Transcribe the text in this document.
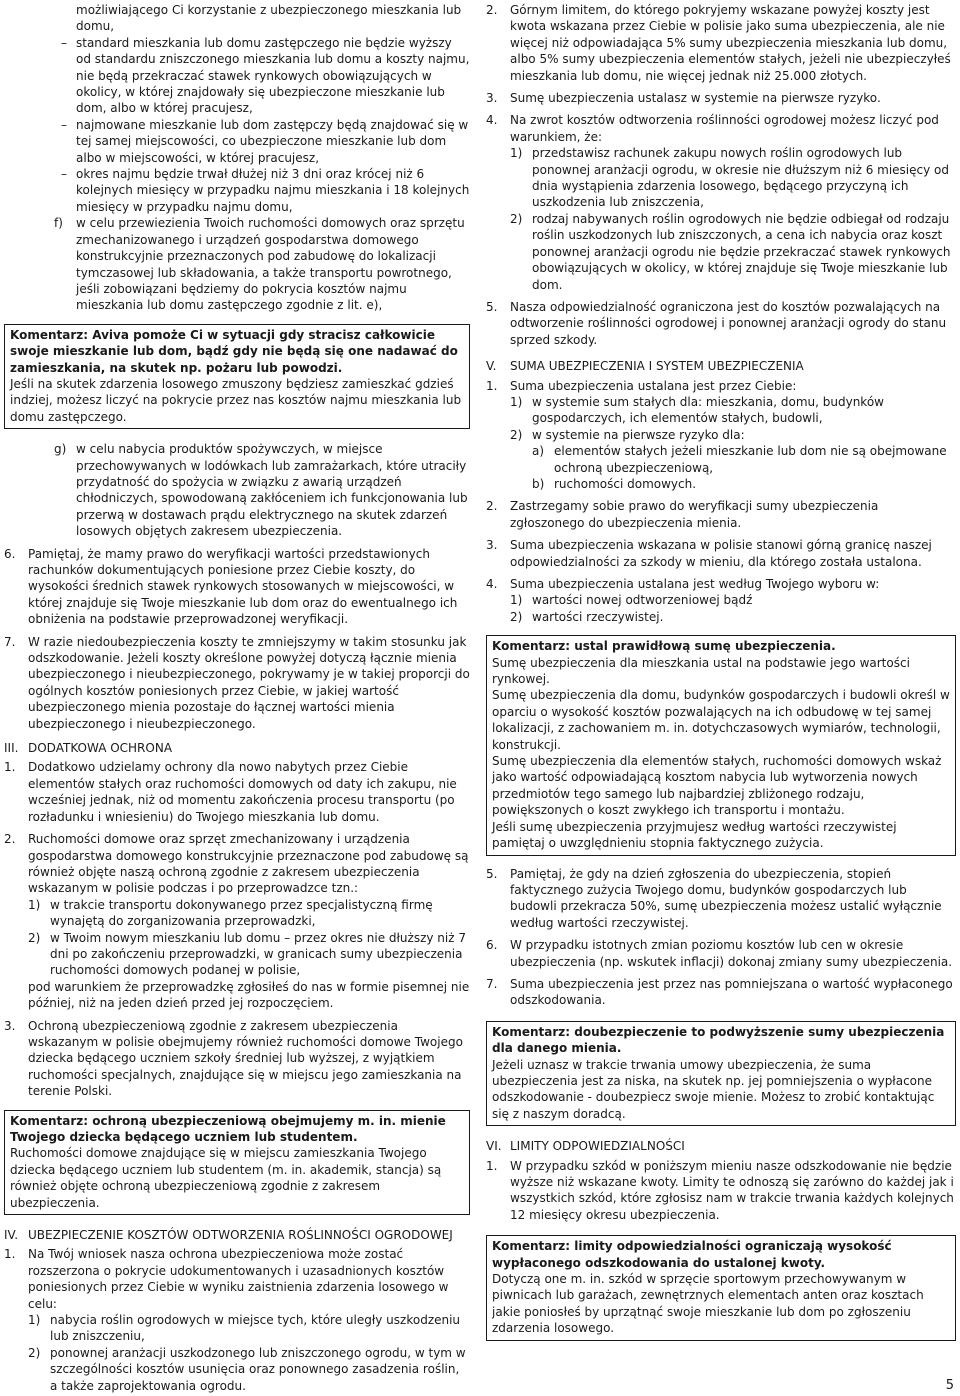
możliwiającego Ci korzystanie z ubezpieczonego mieszkania lub domu,

– standard mieszkania lub domu zastępczego nie będzie wyższy od standardu zniszczonego mieszkania lub domu a koszty najmu, nie będą przekraczać stawek rynkowych obowiązujących w okolicy, w której znajdowały się ubezpieczone mieszkanie lub dom, albo w której pracujesz,
– najmowane mieszkanie lub dom zastępczy będą znajdować się w tej samej miejscowości, co ubezpieczone mieszkanie lub dom albo w miejscowości, w której pracujesz,
– okres najmu będzie trwał dłużej niż 3 dni oraz krócej niż 6 kolejnych miesięcy w przypadku najmu mieszkania i 18 kolejnych miesięcy w przypadku najmu domu,
f)	w celu przewiezienia Twoich ruchomości domowych oraz sprzętu zmechanizowanego i urządzeń gospodarstwa domowego konstrukcyjnie przeznaczonych pod zabudowę do lokalizacji tymczasowej lub składowania, a także transportu powrotnego, jeśli zobowiązani będziemy do pokrycia kosztów najmu mieszkania lub domu zastępczego zgodnie z lit. e),

Komentarz: Aviva pomoże Ci w sytuacji gdy stracisz całkowicie swoje mieszkanie lub dom, bądź gdy nie będą się one nadawać do zamieszkania, na skutek np. pożaru lub powodzi.

Jeśli na skutek zdarzenia losowego zmuszony będziesz zamieszkać gdzieś indziej, możesz liczyć na pokrycie przez nas kosztów najmu mieszkania lub domu zastępczego.

g) w celu nabycia produktów spożywczych, w miejsce przechowywanych w lodówkach lub zamrażarkach, które utraciły przydatność do spożycia w związku z awarią urządzeń chłodniczych, spowodowaną zakłóceniem ich funkcjonowania lub przerwą w dostawach prądu elektrycznego na skutek zdarzeń losowych objętych zakresem ubezpieczenia.
6.	Pamiętaj, że mamy prawo do weryfikacji wartości przedstawionych rachunków dokumentujących poniesione przez Ciebie koszty, do wysokości średnich stawek rynkowych stosowanych w miejscowości, w której znajduje się Twoje mieszkanie lub dom oraz do ewentualnego ich obniżenia na podstawie przeprowadzonej weryfikacji.
7.	W razie niedoubezpieczenia koszty te zmniejszymy w takim stosunku jak odszkodowanie. Jeżeli koszty określone powyżej dotyczą łącznie mienia ubezpieczonego i nieubezpieczonego, pokrywamy je w takiej proporcji do ogólnych kosztów poniesionych przez Ciebie, w jakiej wartość ubezpieczonego mienia pozostaje do łącznej wartości mienia ubezpieczonego i nieubezpieczonego.
III. DODATKOWA OCHRONA
1.	Dodatkowo udzielamy ochrony dla nowo nabytych przez Ciebie elementów stałych oraz ruchomości domowych od daty ich zakupu, nie wcześniej jednak, niż od momentu zakończenia procesu transportu (po rozładunku i wniesieniu) do Twojego mieszkania lub domu.
2.	Ruchomości domowe oraz sprzęt zmechanizowany i urządzenia gospodarstwa domowego konstrukcyjnie przeznaczone pod zabudowę są również objęte naszą ochroną zgodnie z zakresem ubezpieczenia wskazanym w polisie podczas i po przeprowadzce tzn.:

1) w trakcie transportu dokonywanego przez specjalistyczną firmę wynajętą do zorganizowania przeprowadzki,
2) w Twoim nowym mieszkaniu lub domu – przez okres nie dłuższy niż 7 dni po zakończeniu przeprowadzki, w granicach sumy ubezpieczenia ruchomości domowych podanej w polisie,

pod warunkiem że przeprowadzkę zgłosiłeś do nas w formie pisemnej nie później, niż na jeden dzień przed jej rozpoczęciem.

3.	Ochroną ubezpieczeniową zgodnie z zakresem ubezpieczenia wskazanym w polisie obejmujemy również ruchomości domowe Twojego dziecka będącego uczniem szkoły średniej lub wyższej, z wyjątkiem ruchomości specjalnych, znajdujące się w miejscu jego zamieszkania na terenie Polski.

Komentarz: ochroną ubezpieczeniową obejmujemy m. in. mienie Twojego dziecka będącego uczniem lub studentem.

Ruchomości domowe znajdujące się w miejscu zamieszkania Twojego dziecka będącego uczniem lub studentem (m. in. akademik, stancja) są również objęte ochroną ubezpieczeniową zgodnie z zakresem ubezpieczenia.

IV. UBEZPIECZENIE KOSZTÓW ODTWORZENIA ROŚLINNOŚCI OGRODOWEJ
1.	Na Twój wniosek nasza ochrona ubezpieczeniowa może zostać rozszerzona o pokrycie udokumentowanych i uzasadnionych kosztów poniesionych przez Ciebie w wyniku zaistnienia zdarzenia losowego w celu:

1) nabycia roślin ogrodowych w miejsce tych, które uległy uszkodzeniu lub zniszczeniu,
2) ponownej aranżacji uszkodzonego lub zniszczonego ogrodu, w tym w szczególności kosztów usunięcia oraz ponownego zasadzenia roślin, a także zaprojektowania ogrodu.
2.	Górnym limitem, do którego pokryjemy wskazane powyżej koszty jest kwota wskazana przez Ciebie w polisie jako suma ubezpieczenia, ale nie więcej niż odpowiadająca 5% sumy ubezpieczenia mieszkania lub domu, albo 5% sumy ubezpieczenia elementów stałych, jeżeli nie ubezpieczyłeś mieszkania lub domu, nie więcej jednak niż 25.000 złotych.
3.	Sumę ubezpieczenia ustalasz w systemie na pierwsze ryzyko.
4.	Na zwrot kosztów odtworzenia roślinności ogrodowej możesz liczyć pod warunkiem, że:

1) przedstawisz rachunek zakupu nowych roślin ogrodowych lub ponownej aranżacji ogrodu, w okresie nie dłuższym niż 6 miesięcy od dnia wystąpienia zdarzenia losowego, będącego przyczyną ich uszkodzenia lub zniszczenia,
2) rodzaj nabywanych roślin ogrodowych nie będzie odbiegał od rodzaju roślin uszkodzonych lub zniszczonych, a cena ich nabycia oraz koszt ponownej aranżacji ogrodu nie będzie przekraczać stawek rynkowych obowiązujących w okolicy, w której znajduje się Twoje mieszkanie lub dom.
5.	Nasza odpowiedzialność ograniczona jest do kosztów pozwalających na odtworzenie roślinności ogrodowej i ponownej aranżacji ogrody do stanu sprzed szkody.
V.	SUMA UBEZPIECZENIA I SYSTEM UBEZPIECZENIA
1.	Suma ubezpieczenia ustalana jest przez Ciebie:

1) w systemie sum stałych dla: mieszkania, domu, budynków gospodarczych, ich elementów stałych, budowli,
2) w systemie na pierwsze ryzyko dla:
a) elementów stałych jeżeli mieszkanie lub dom nie są obejmowane ochroną ubezpieczeniową,
b) ruchomości domowych.
2.	Zastrzegamy sobie prawo do weryfikacji sumy ubezpieczenia zgłoszonego do ubezpieczenia mienia.
3.	Suma ubezpieczenia wskazana w polisie stanowi górną granicę naszej odpowiedzialności za szkody w mieniu, dla którego została ustalona.
4.	Suma ubezpieczenia ustalana jest według Twojego wyboru w:

1) wartości nowej odtworzeniowej bądź
2) wartości rzeczywistej.

Komentarz: ustal prawidłową sumę ubezpieczenia.

Sumę ubezpieczenia dla mieszkania ustal na podstawie jego wartości rynkowej.

Sumę ubezpieczenia dla domu, budynków gospodarczych i budowli określ w oparciu o wysokość kosztów pozwalających na ich odbudowę w tej samej lokalizacji, z zachowaniem m. in. dotychczasowych wymiarów, technologii, konstrukcji.

Sumę ubezpieczenia dla elementów stałych, ruchomości domowych wskaż jako wartość odpowiadającą kosztom nabycia lub wytworzenia nowych przedmiotów tego samego lub najbardziej zbliżonego rodzaju, powiększonych o koszt zwykłego ich transportu i montażu.

Jeśli sumę ubezpieczenia przyjmujesz według wartości rzeczywistej pamiętaj o uwzględnieniu stopnia faktycznego zużycia.

5.	Pamiętaj, że gdy na dzień zgłoszenia do ubezpieczenia, stopień faktycznego zużycia Twojego domu, budynków gospodarczych lub budowli przekracza 50%, sumę ubezpieczenia możesz ustalić wyłącznie według wartości rzeczywistej.
6.	W przypadku istotnych zmian poziomu kosztów lub cen w okresie ubezpieczenia (np. wskutek inflacji) dokonaj zmiany sumy ubezpieczenia.
7.	Suma ubezpieczenia jest przez nas pomniejszana o wartość wypłaconego odszkodowania.

Komentarz: doubezpieczenie to podwyższenie sumy ubezpieczenia dla danego mienia.

Jeżeli uznasz w trakcie trwania umowy ubezpieczenia, że suma ubezpieczenia jest za niska, na skutek np. jej pomniejszenia o wypłacone odszkodowanie - doubezpiecz swoje mienie. Możesz to zrobić kontaktując się z naszym doradcą.

VI. LIMITY ODPOWIEDZIALNOŚCI
1.	W przypadku szkód w poniższym mieniu nasze odszkodowanie nie będzie wyższe niż wskazane kwoty. Limity te odnoszą się zarówno do każdej jak i wszystkich szkód, które zgłosisz nam w trakcie trwania każdych kolejnych 12 miesięcy okresu ubezpieczenia.

Komentarz: limity odpowiedzialności ograniczają wysokość wypłaconego odszkodowania do ustalonej kwoty.

Dotyczą one m. in. szkód w sprzęcie sportowym przechowywanym w piwnicach lub garażach, zewnętrznych elementach anten oraz kosztach jakie poniosłeś by uprzątnąć swoje mieszkanie lub dom po zgłoszeniu zdarzenia losowego.

5
